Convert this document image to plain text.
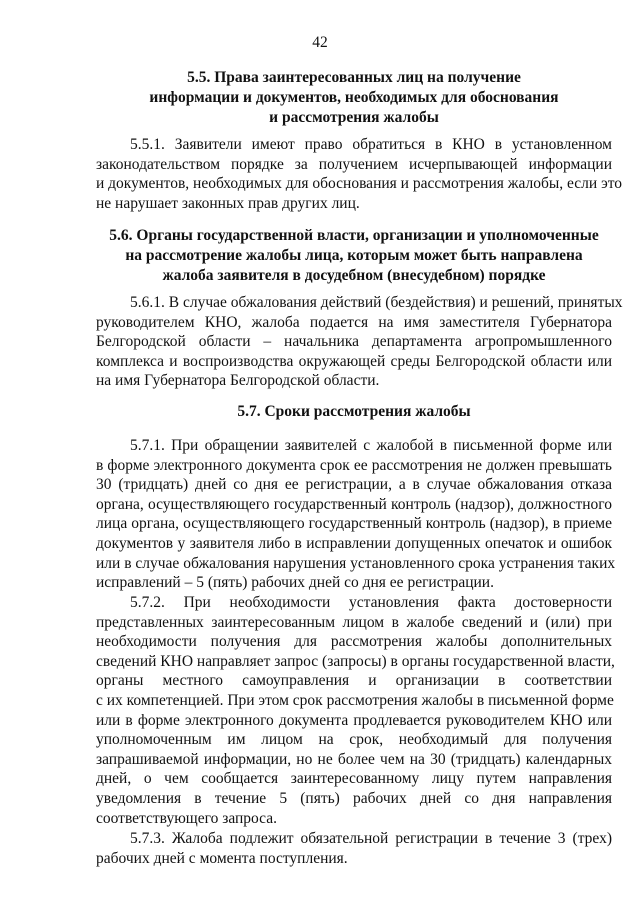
42
5.5. Права заинтересованных лиц на получение
информации и документов, необходимых для обоснования
и рассмотрения жалобы
5.5.1. Заявители имеют право обратиться в КНО в установленном
законодательством порядке за получением исчерпывающей информации
и документов, необходимых для обоснования и рассмотрения жалобы, если это
не нарушает законных прав других лиц.
5.6. Органы государственной власти, организации и уполномоченные
на рассмотрение жалобы лица, которым может быть направлена
жалоба заявителя в досудебном (внесудебном) порядке
5.6.1. В случае обжалования действий (бездействия) и решений, принятых
руководителем КНО, жалоба подается на имя заместителя Губернатора
Белгородской области – начальника департамента агропромышленного
комплекса и воспроизводства окружающей среды Белгородской области или
на имя Губернатора Белгородской области.
5.7. Сроки рассмотрения жалобы
5.7.1. При обращении заявителей с жалобой в письменной форме или
в форме электронного документа срок ее рассмотрения не должен превышать
30 (тридцать) дней со дня ее регистрации, а в случае обжалования отказа
органа, осуществляющего государственный контроль (надзор), должностного
лица органа, осуществляющего государственный контроль (надзор), в приеме
документов у заявителя либо в исправлении допущенных опечаток и ошибок
или в случае обжалования нарушения установленного срока устранения таких
исправлений – 5 (пять) рабочих дней со дня ее регистрации.
5.7.2. При необходимости установления факта достоверности
представленных заинтересованным лицом в жалобе сведений и (или) при
необходимости получения для рассмотрения жалобы дополнительных
сведений КНО направляет запрос (запросы) в органы государственной власти,
органы местного самоуправления и организации в соответствии
с их компетенцией. При этом срок рассмотрения жалобы в письменной форме
или в форме электронного документа продлевается руководителем КНО или
уполномоченным им лицом на срок, необходимый для получения
запрашиваемой информации, но не более чем на 30 (тридцать) календарных
дней, о чем сообщается заинтересованному лицу путем направления
уведомления в течение 5 (пять) рабочих дней со дня направления
соответствующего запроса.
5.7.3. Жалоба подлежит обязательной регистрации в течение 3 (трех)
рабочих дней с момента поступления.
